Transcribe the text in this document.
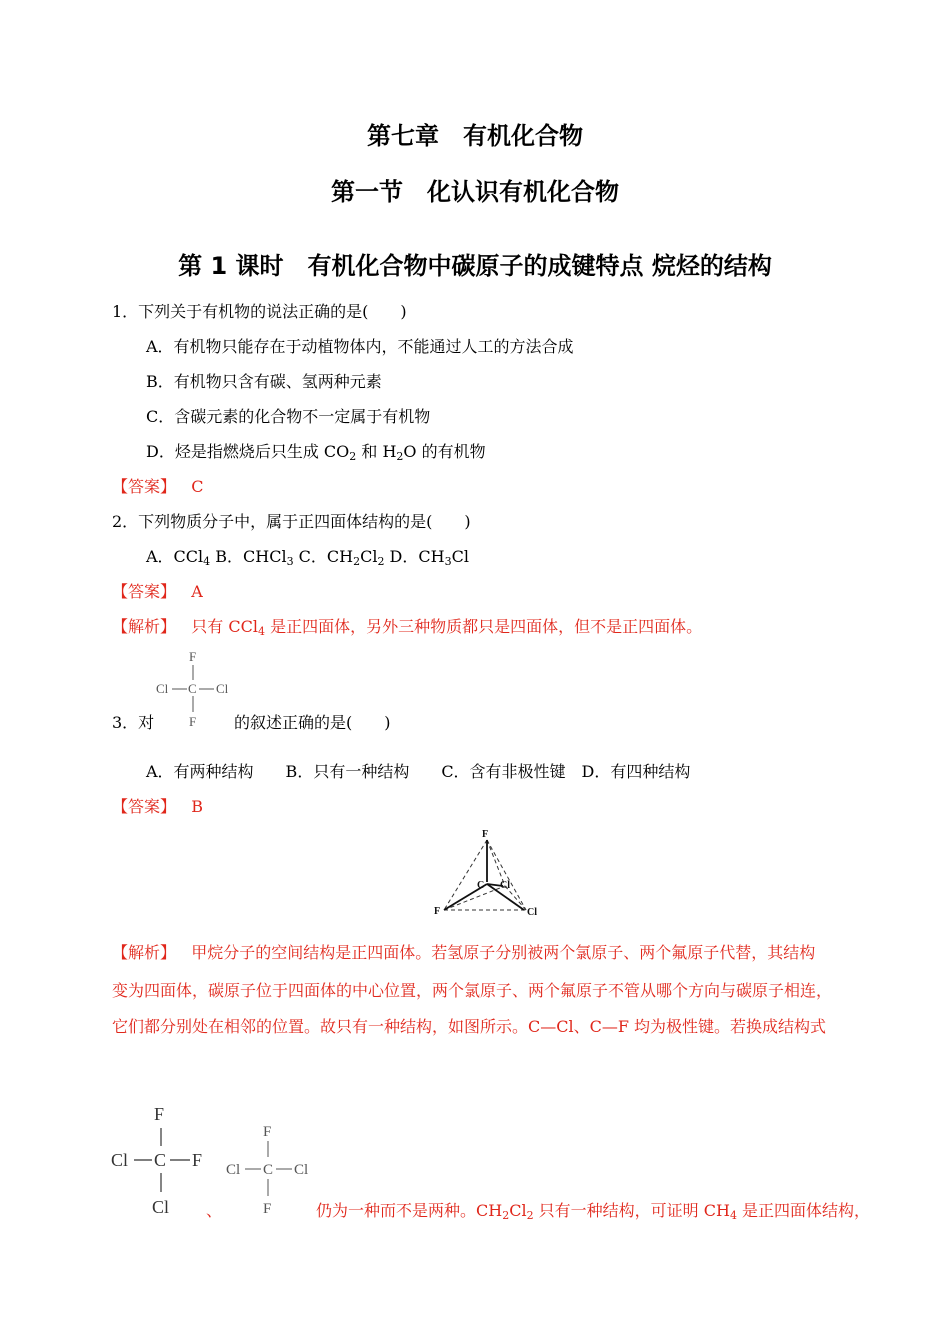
第七章　有机化合物
第一节　化认识有机化合物
第 1 课时　有机化合物中碳原子的成键特点 烷烃的结构
1．下列关于有机物的说法正确的是(　　)
A．有机物只能存在于动植物体内，不能通过人工的方法合成
B．有机物只含有碳、氢两种元素
C．含碳元素的化合物不一定属于有机物
D．烃是指燃烧后只生成 $CO_2$ 和 $H_2O$ 的有机物
【答案】 C
2．下列物质分子中，属于正四面体结构的是(　　)
A．CCl$_4$ B．CHCl$_3$ C．$CH_2Cl_2$ D．$CH_3Cl$
【答案】 A
【解析】 只有 CCl$_4$ 是正四面体，另外三种物质都只是四面体，但不是正四面体。
F
Cl C Cl
F
3．对	的叙述正确的是(　　)
A．有两种结构　　B．只有一种结构　　C．含有非极性键　D．有四种结构
【答案】 B
F
C Cl
F	Cl
【解析】 甲烷分子的空间结构是正四面体。若氢原子分别被两个氯原子、两个氟原子代替，其结构
变为四面体，碳原子位于四面体的中心位置，两个氯原子、两个氟原子不管从哪个方向与碳原子相连，
它们都分别处在相邻的位置。故只有一种结构，如图所示。C—Cl、C—F 均为极性键。若换成结构式
F
Cl C F
Cl
F
Cl C Cl
F
、	仍为一种而不是两种。$CH_2Cl_2$ 只有一种结构，可证明 $CH_4$ 是正四面体结构，
